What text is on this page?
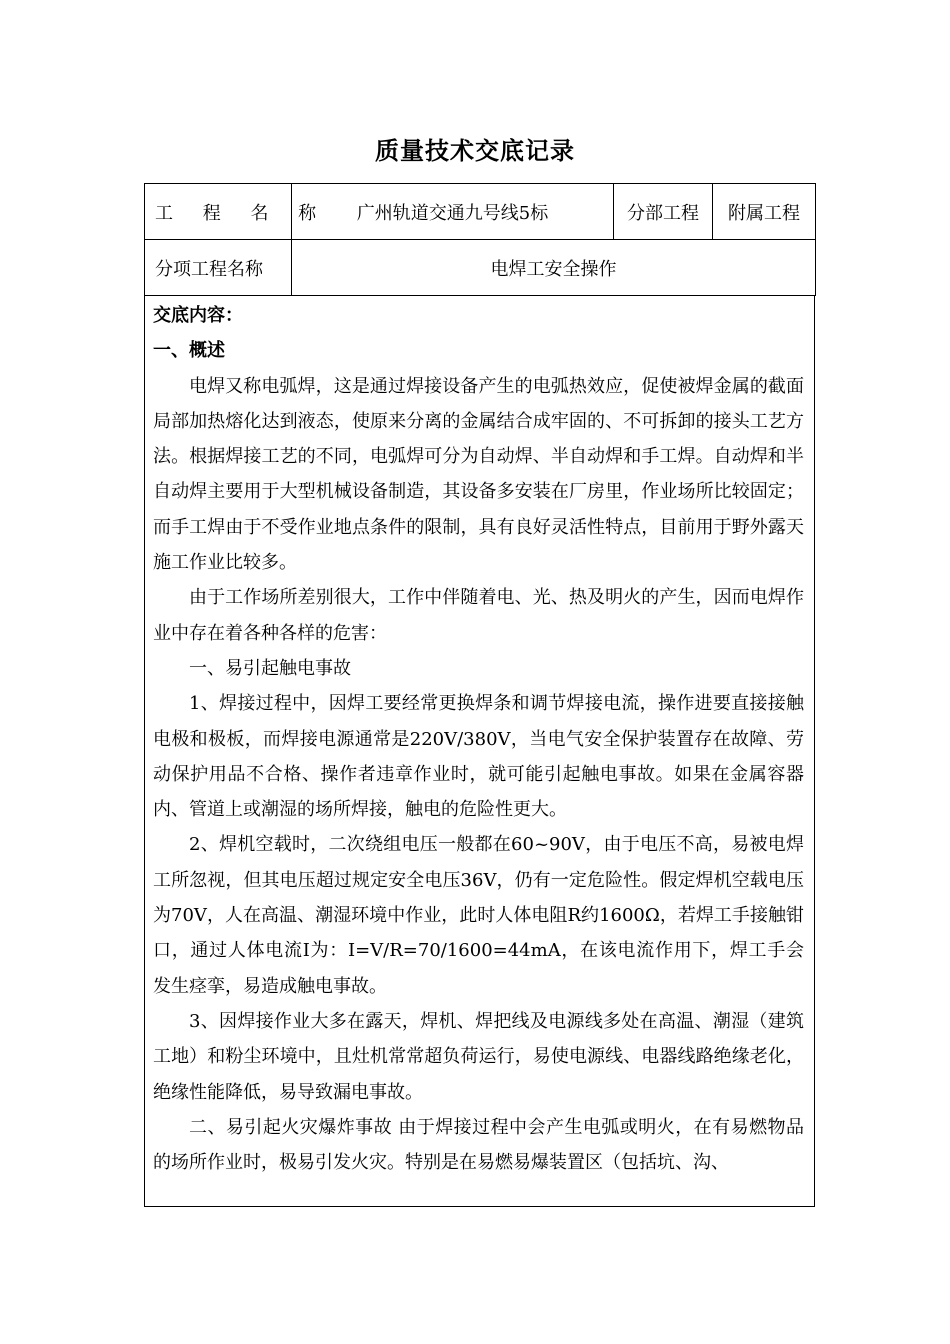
质量技术交底记录
工 程 名 称	广州轨道交通九号线5标	分部工程	附属工程
分项工程名称	电焊工安全操作		

交底内容：

一、概述

电焊又称电弧焊，这是通过焊接设备产生的电弧热效应，促使被焊金属的截面局部加热熔化达到液态，使原来分离的金属结合成牢固的、不可拆卸的接头工艺方法。根据焊接工艺的不同，电弧焊可分为自动焊、半自动焊和手工焊。自动焊和半自动焊主要用于大型机械设备制造，其设备多安装在厂房里，作业场所比较固定；而手工焊由于不受作业地点条件的限制，具有良好灵活性特点，目前用于野外露天施工作业比较多。

由于工作场所差别很大，工作中伴随着电、光、热及明火的产生，因而电焊作业中存在着各种各样的危害：

一、易引起触电事故

1、焊接过程中，因焊工要经常更换焊条和调节焊接电流，操作进要直接接触电极和极板，而焊接电源通常是220V/380V，当电气安全保护装置存在故障、劳动保护用品不合格、操作者违章作业时，就可能引起触电事故。如果在金属容器内、管道上或潮湿的场所焊接，触电的危险性更大。

2、焊机空载时，二次绕组电压一般都在60~90V，由于电压不高，易被电焊工所忽视，但其电压超过规定安全电压36V，仍有一定危险性。假定焊机空载电压为70V，人在高温、潮湿环境中作业，此时人体电阻R约1600Ω，若焊工手接触钳口，通过人体电流I为：I=V/R=70/1600=44mA，在该电流作用下，焊工手会发生痉挛，易造成触电事故。

3、因焊接作业大多在露天，焊机、焊把线及电源线多处在高温、潮湿（建筑工地）和粉尘环境中，且灶机常常超负荷运行，易使电源线、电器线路绝缘老化，绝缘性能降低，易导致漏电事故。

二、易引起火灾爆炸事故 由于焊接过程中会产生电弧或明火，在有易燃物品的场所作业时，极易引发火灾。特别是在易燃易爆装置区（包括坑、沟、
